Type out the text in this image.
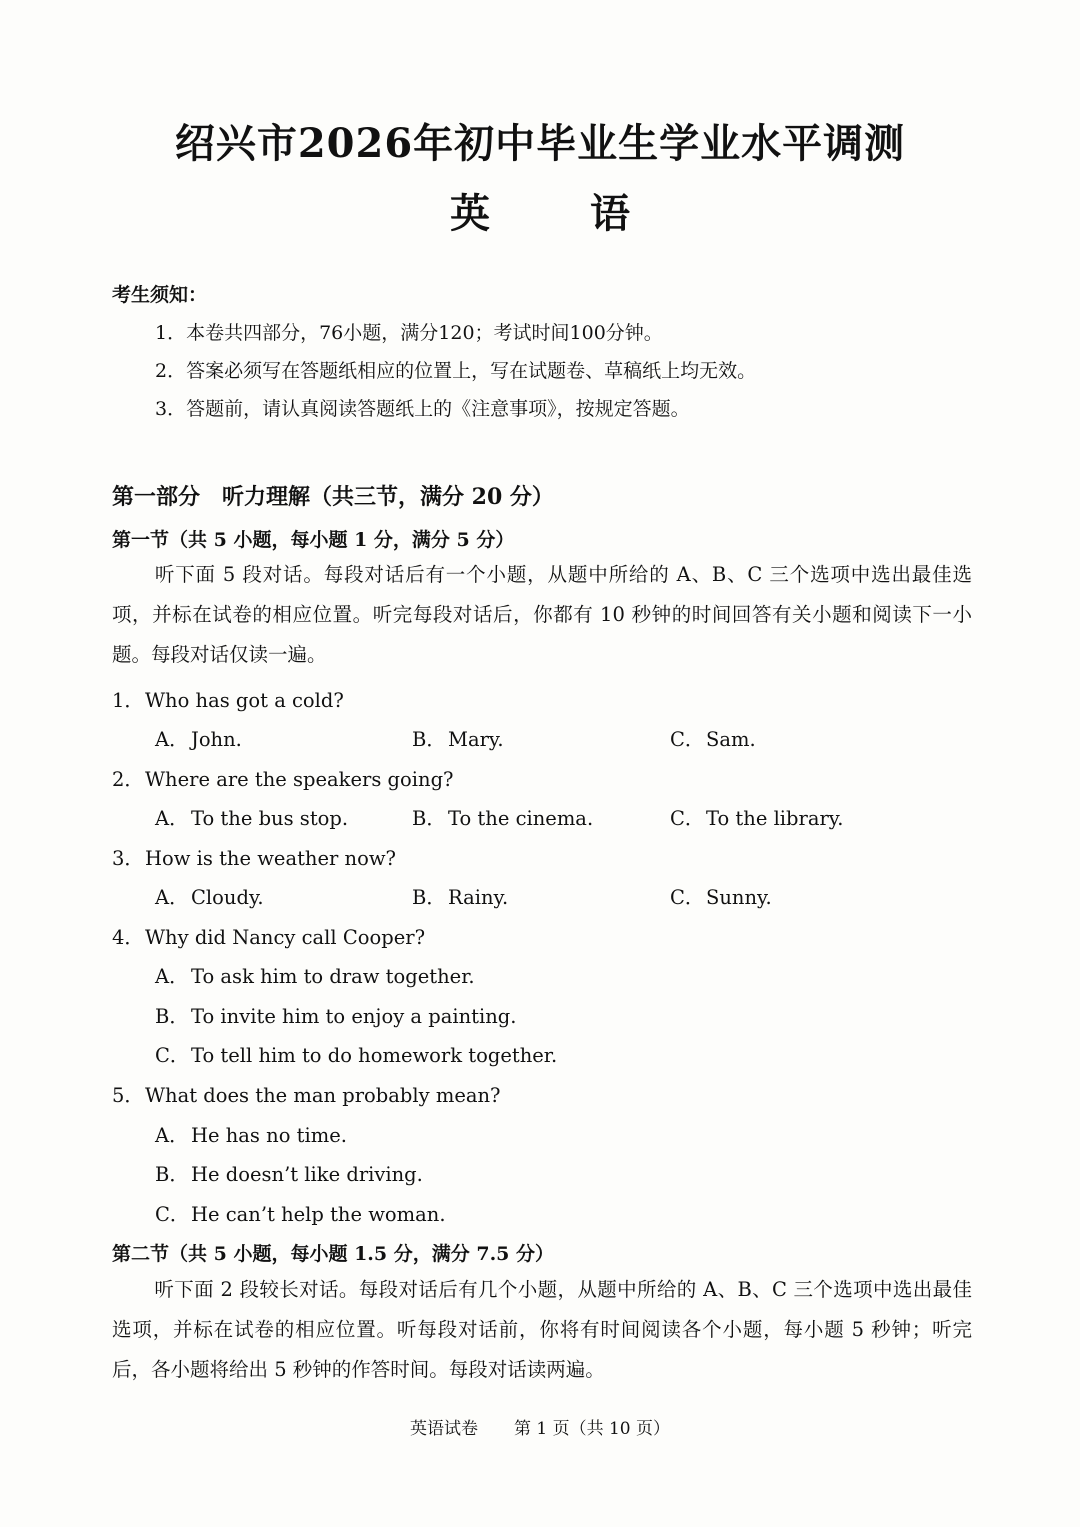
绍兴市2026年初中毕业生学业水平调测
英	语
考生须知：
1．本卷共四部分，76小题，满分120；考试时间100分钟。
2．答案必须写在答题纸相应的位置上，写在试题卷、草稿纸上均无效。
3．答题前，请认真阅读答题纸上的《注意事项》，按规定答题。
第一部分　听力理解（共三节，满分 20 分）
第一节（共 5 小题，每小题 1 分，满分 5 分）
听下面 5 段对话。每段对话后有一个小题，从题中所给的 A、B、C 三个选项中选出最佳选项，并标在试卷的相应位置。听完每段对话后，你都有 10 秒钟的时间回答有关小题和阅读下一小题。每段对话仅读一遍。
1．Who has got a cold?
A． John.	B． Mary.	C．Sam.
2．Where are the speakers going?
A． To the bus stop.	B． To the cinema.	C．To the library.
3．How is the weather now?
A． Cloudy.	B． Rainy.	C．Sunny.
4．Why did Nancy call Cooper?
A． To ask him to draw together.
B． To invite him to enjoy a painting.
C．To tell him to do homework together.
5．What does the man probably mean?
A． He has no time.
B． He doesn’t like driving.
C．He can’t help the woman.
第二节（共 5 小题，每小题 1.5 分，满分 7.5 分）
听下面 2 段较长对话。每段对话后有几个小题，从题中所给的 A、B、C 三个选项中选出最佳选项，并标在试卷的相应位置。听每段对话前，你将有时间阅读各个小题，每小题 5 秒钟；听完后，各小题将给出 5 秒钟的作答时间。每段对话读两遍。
英语试卷 第 1 页（共 10 页）
